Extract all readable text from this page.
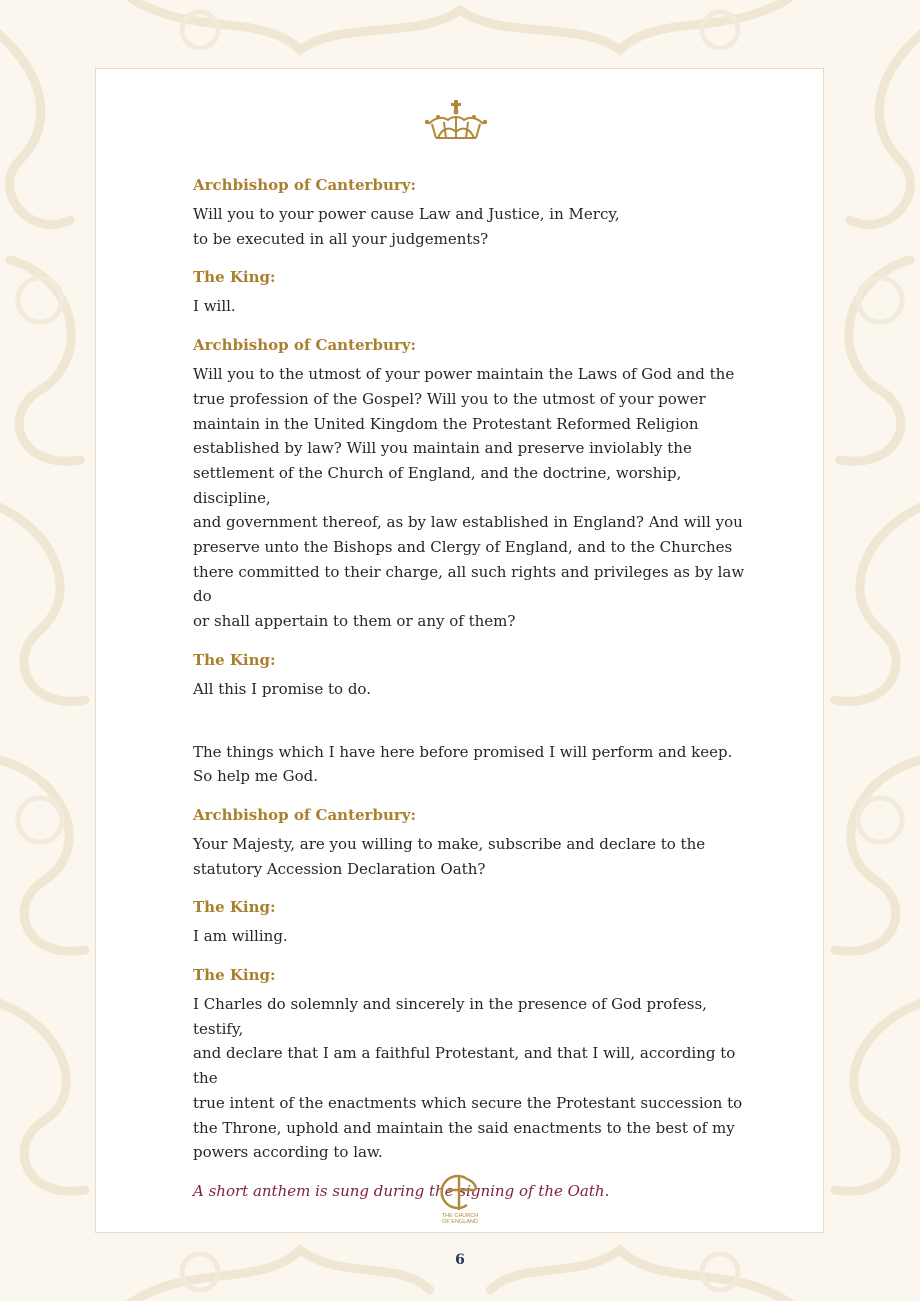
Archbishop of Canterbury:

Will you to your power cause Law and Justice, in Mercy,
to be executed in all your judgements?

The King:

I will.

Archbishop of Canterbury:

Will you to the utmost of your power maintain the Laws of God and the
true profession of the Gospel? Will you to the utmost of your power
maintain in the United Kingdom the Protestant Reformed Religion
established by law? Will you maintain and preserve inviolably the
settlement of the Church of England, and the doctrine, worship, discipline,
and government thereof, as by law established in England? And will you
preserve unto the Bishops and Clergy of England, and to the Churches
there committed to their charge, all such rights and privileges as by law do
or shall appertain to them or any of them?

The King:

All this I promise to do.

The things which I have here before promised I will perform and keep.
So help me God.

Archbishop of Canterbury:

Your Majesty, are you willing to make, subscribe and declare to the
statutory Accession Declaration Oath?

The King:

I am willing.

The King:

I Charles do solemnly and sincerely in the presence of God profess, testify,
and declare that I am a faithful Protestant, and that I will, according to the
true intent of the enactments which secure the Protestant succession to
the Throne, uphold and maintain the said enactments to the best of my
powers according to law.

A short anthem is sung during the signing of the Oath.

THE CHURCH
OF ENGLAND
6
